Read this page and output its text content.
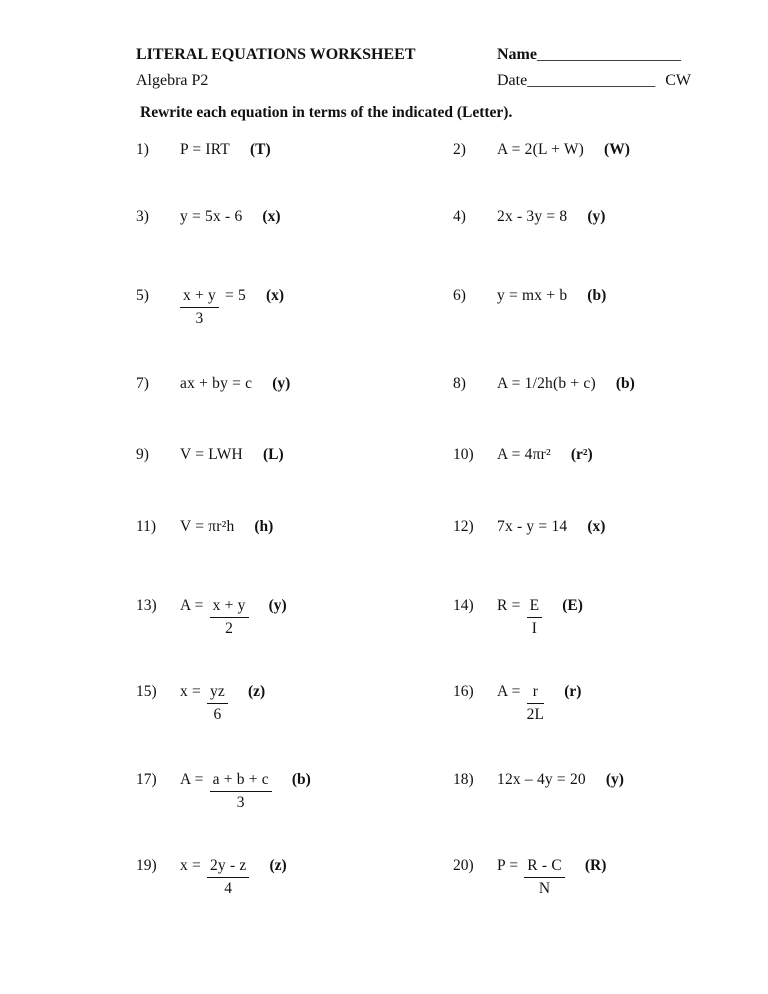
LITERAL EQUATIONS WORKSHEET	Name__________________
Algebra P2	Date________________ CW
Rewrite each equation in terms of the indicated (Letter).
1) P = IRT (T)	2) A = 2(L + W) (W)
3) y = 5x - 6 (x)	4) 2x - 3y = 8 (y)
$5) \frac{x + y}{3} = 5$ (x)	6) y = mx + b (b)
7) ax + by = c (y)	8) A = 1/2h(b + c) (b)
9) V = LWH (L)	10) A = 4πr² (r²)
11) V = πr²h (h)	12) 7x - y = 14 (x)
13) $A = \frac{x + y}{2} (y)$	14) $R = \frac{E}{I} (E)$
15) $x = \frac{yz}{6} (z)$	16) $A = \frac{r}{2L} (r)$
17) $A = \frac{a + b + c}{3} (b)$	18) 12x – 4y = 20 (y)
19) $x = \frac{2y - z}{4} (z)$	20) $P = \frac{R - C}{N} (R)$
